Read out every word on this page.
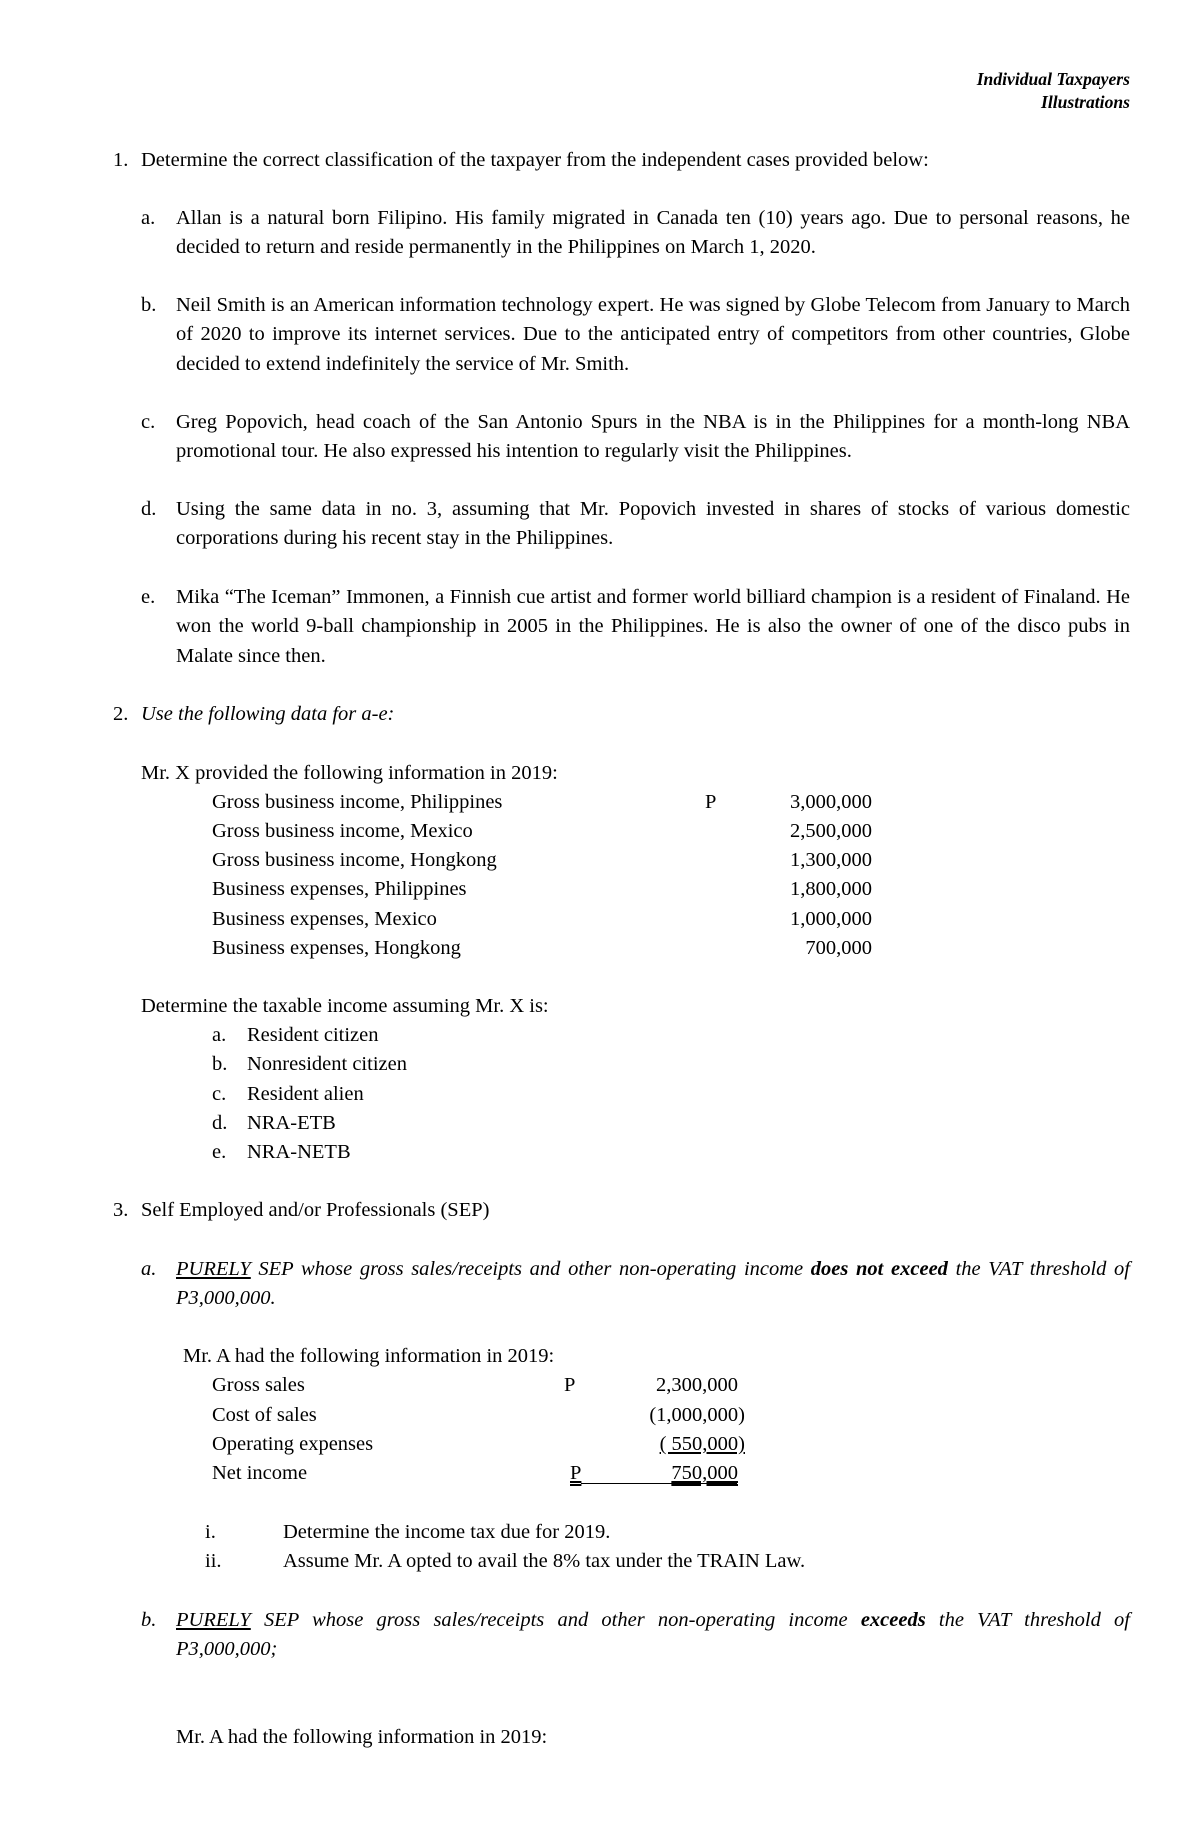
Individual Taxpayers
Illustrations
1. Determine the correct classification of the taxpayer from the independent cases provided below:
a. Allan is a natural born Filipino. His family migrated in Canada ten (10) years ago. Due to personal reasons, he decided to return and reside permanently in the Philippines on March 1, 2020.
b. Neil Smith is an American information technology expert. He was signed by Globe Telecom from January to March of 2020 to improve its internet services. Due to the anticipated entry of competitors from other countries, Globe decided to extend indefinitely the service of Mr. Smith.
c. Greg Popovich, head coach of the San Antonio Spurs in the NBA is in the Philippines for a month-long NBA promotional tour. He also expressed his intention to regularly visit the Philippines.
d. Using the same data in no. 3, assuming that Mr. Popovich invested in shares of stocks of various domestic corporations during his recent stay in the Philippines.
e. Mika “The Iceman” Immonen, a Finnish cue artist and former world billiard champion is a resident of Finaland. He won the world 9-ball championship in 2005 in the Philippines. He is also the owner of one of the disco pubs in Malate since then.
2. Use the following data for a-e:
Mr. X provided the following information in 2019:
Gross business income, Philippines	P	3,000,000
Gross business income, Mexico	2,500,000
Gross business income, Hongkong	1,300,000
Business expenses, Philippines	1,800,000
Business expenses, Mexico	1,000,000
Business expenses, Hongkong	700,000
Determine the taxable income assuming Mr. X is:
a. Resident citizen
b. Nonresident citizen
c. Resident alien
d. NRA-ETB
e. NRA-NETB
3. Self Employed and/or Professionals (SEP)
a. PURELY SEP whose gross sales/receipts and other non-operating income does not exceed the VAT threshold of P3,000,000.
Mr. A had the following information in 2019:
Gross sales	P	2,300,000
Cost of sales	(1,000,000)
Operating expenses	( 550,000)
Net income	P	750,000
i.	Determine the income tax due for 2019.
ii.	Assume Mr. A opted to avail the 8% tax under the TRAIN Law.
b. PURELY SEP whose gross sales/receipts and other non-operating income exceeds the VAT threshold of P3,000,000;
Mr. A had the following information in 2019:
